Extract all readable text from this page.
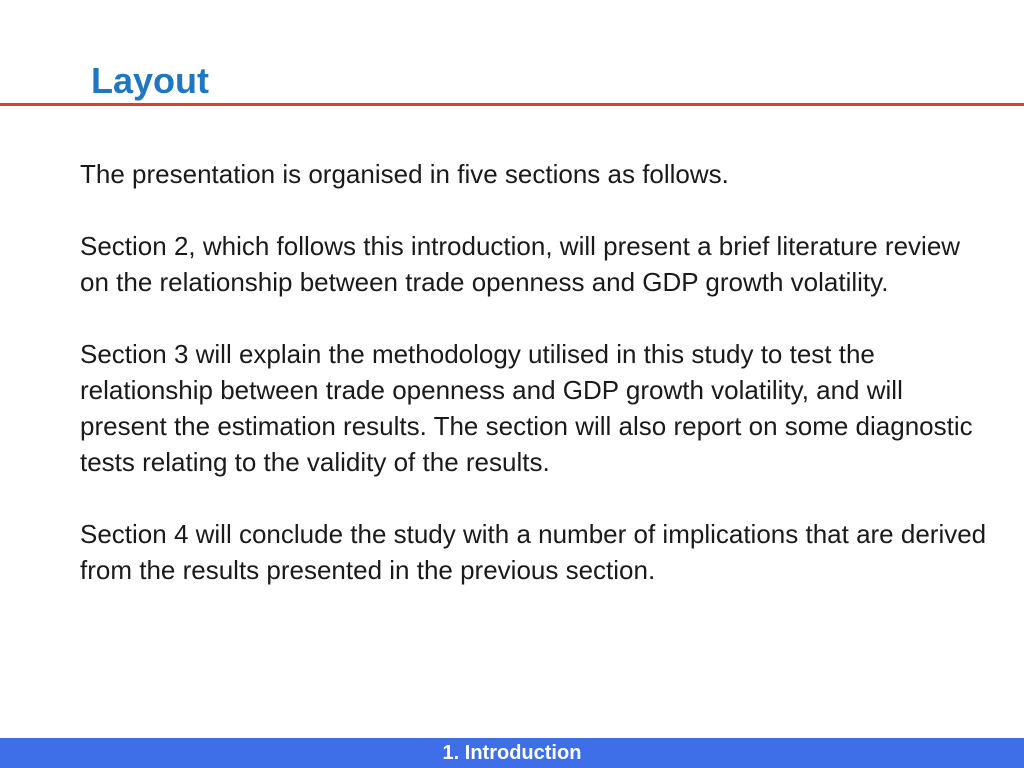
Layout

The presentation is organised in five sections as follows.

Section 2, which follows this introduction, will present a brief literature review on the relationship between trade openness and GDP growth volatility.

Section 3 will explain the methodology utilised in this study to test the relationship between trade openness and GDP growth volatility, and will present the estimation results. The section will also report on some diagnostic tests relating to the validity of the results.

Section 4 will conclude the study with a number of implications that are derived from the results presented in the previous section.

1. Introduction
